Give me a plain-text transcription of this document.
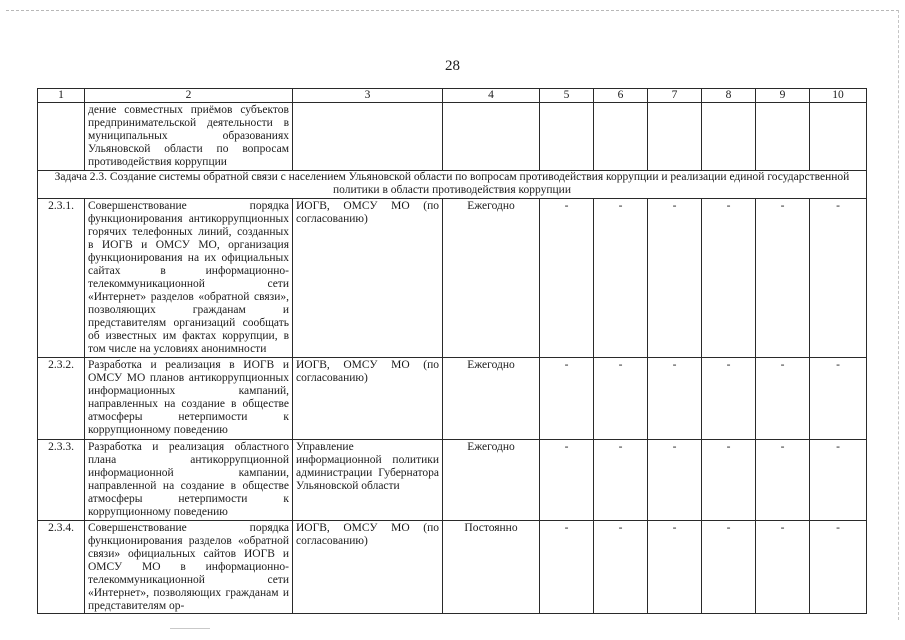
28
1	2	3	4	5	6	7	8	9	10
	дение совместных приёмов субъектов предпринимательской деятельности в муниципальных образованиях Ульяновской области по вопросам противодействия коррупции								
Задача 2.3. Создание системы обратной связи с населением Ульяновской области по вопросам противодействия коррупции и реализации единой государственной политики в области противодействия коррупции									
2.3.1.	Совершенствование порядка функционирования антикоррупционных горячих телефонных линий, созданных в ИОГВ и ОМСУ МО, организация функционирования на их официальных сайтах в информационно-телекоммуникационной сети «Интернет» разделов «обратной связи», позволяющих гражданам и представителям организаций сообщать об известных им фактах коррупции, в том числе на условиях анонимности	ИОГВ, ОМСУ МО (по согласованию)	Ежегодно	-	-	-	-	-	-
2.3.2.	Разработка и реализация в ИОГВ и ОМСУ МО планов антикоррупционных информационных кампаний, направленных на создание в обществе атмосферы нетерпимости к коррупционному поведению	ИОГВ, ОМСУ МО (по согласованию)	Ежегодно	-	-	-	-	-	-
2.3.3.	Разработка и реализация областного плана антикоррупционной информационной кампании, направленной на создание в обществе атмосферы нетерпимости к коррупционному поведению	Управление информационной политики администрации Губернатора Ульяновской области	Ежегодно	-	-	-	-	-	-
2.3.4.	Совершенствование порядка функционирования разделов «обратной связи» официальных сайтов ИОГВ и ОМСУ МО в информационно-телекоммуникационной сети «Интернет», позволяющих гражданам и представителям ор-	ИОГВ, ОМСУ МО (по согласованию)	Постоянно	-	-	-	-	-	-
